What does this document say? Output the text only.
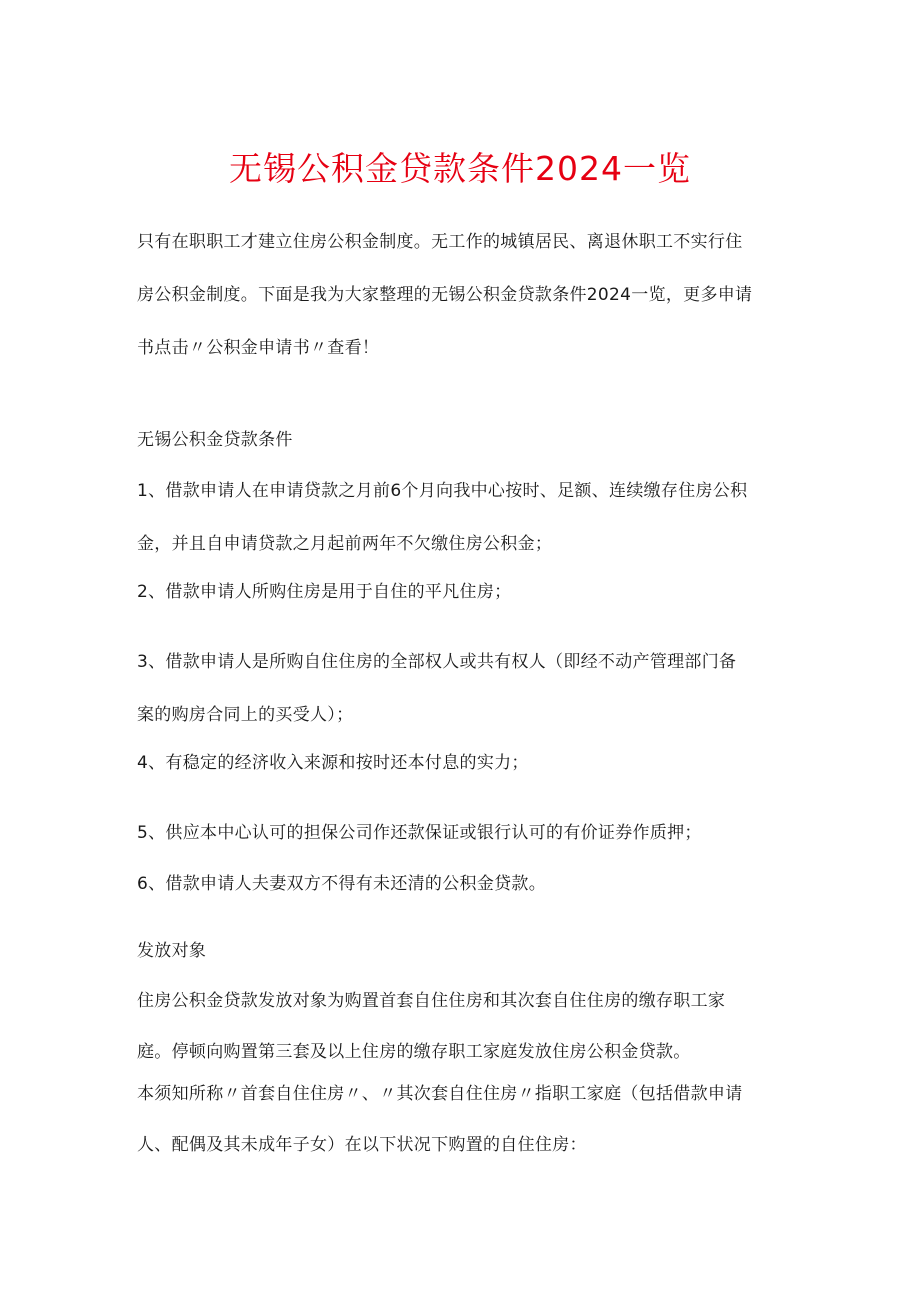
无锡公积金贷款条件2024一览
只有在职职工才建立住房公积金制度。无工作的城镇居民、离退休职工不实行住
房公积金制度。下面是我为大家整理的无锡公积金贷款条件2024一览，更多申请
书点击〃公积金申请书〃查看！
无锡公积金贷款条件
1、借款申请人在申请贷款之月前6个月向我中心按时、足额、连续缴存住房公积
金，并且自申请贷款之月起前两年不欠缴住房公积金；
2、借款申请人所购住房是用于自住的平凡住房；
3、借款申请人是所购自住住房的全部权人或共有权人（即经不动产管理部门备
案的购房合同上的买受人）；
4、有稳定的经济收入来源和按时还本付息的实力；
5、供应本中心认可的担保公司作还款保证或银行认可的有价证券作质押；
6、借款申请人夫妻双方不得有未还清的公积金贷款。
发放对象
住房公积金贷款发放对象为购置首套自住住房和其次套自住住房的缴存职工家
庭。停顿向购置第三套及以上住房的缴存职工家庭发放住房公积金贷款。
本须知所称〃首套自住住房〃、〃其次套自住住房〃指职工家庭（包括借款申请
人、配偶及其未成年子女）在以下状况下购置的自住住房：
